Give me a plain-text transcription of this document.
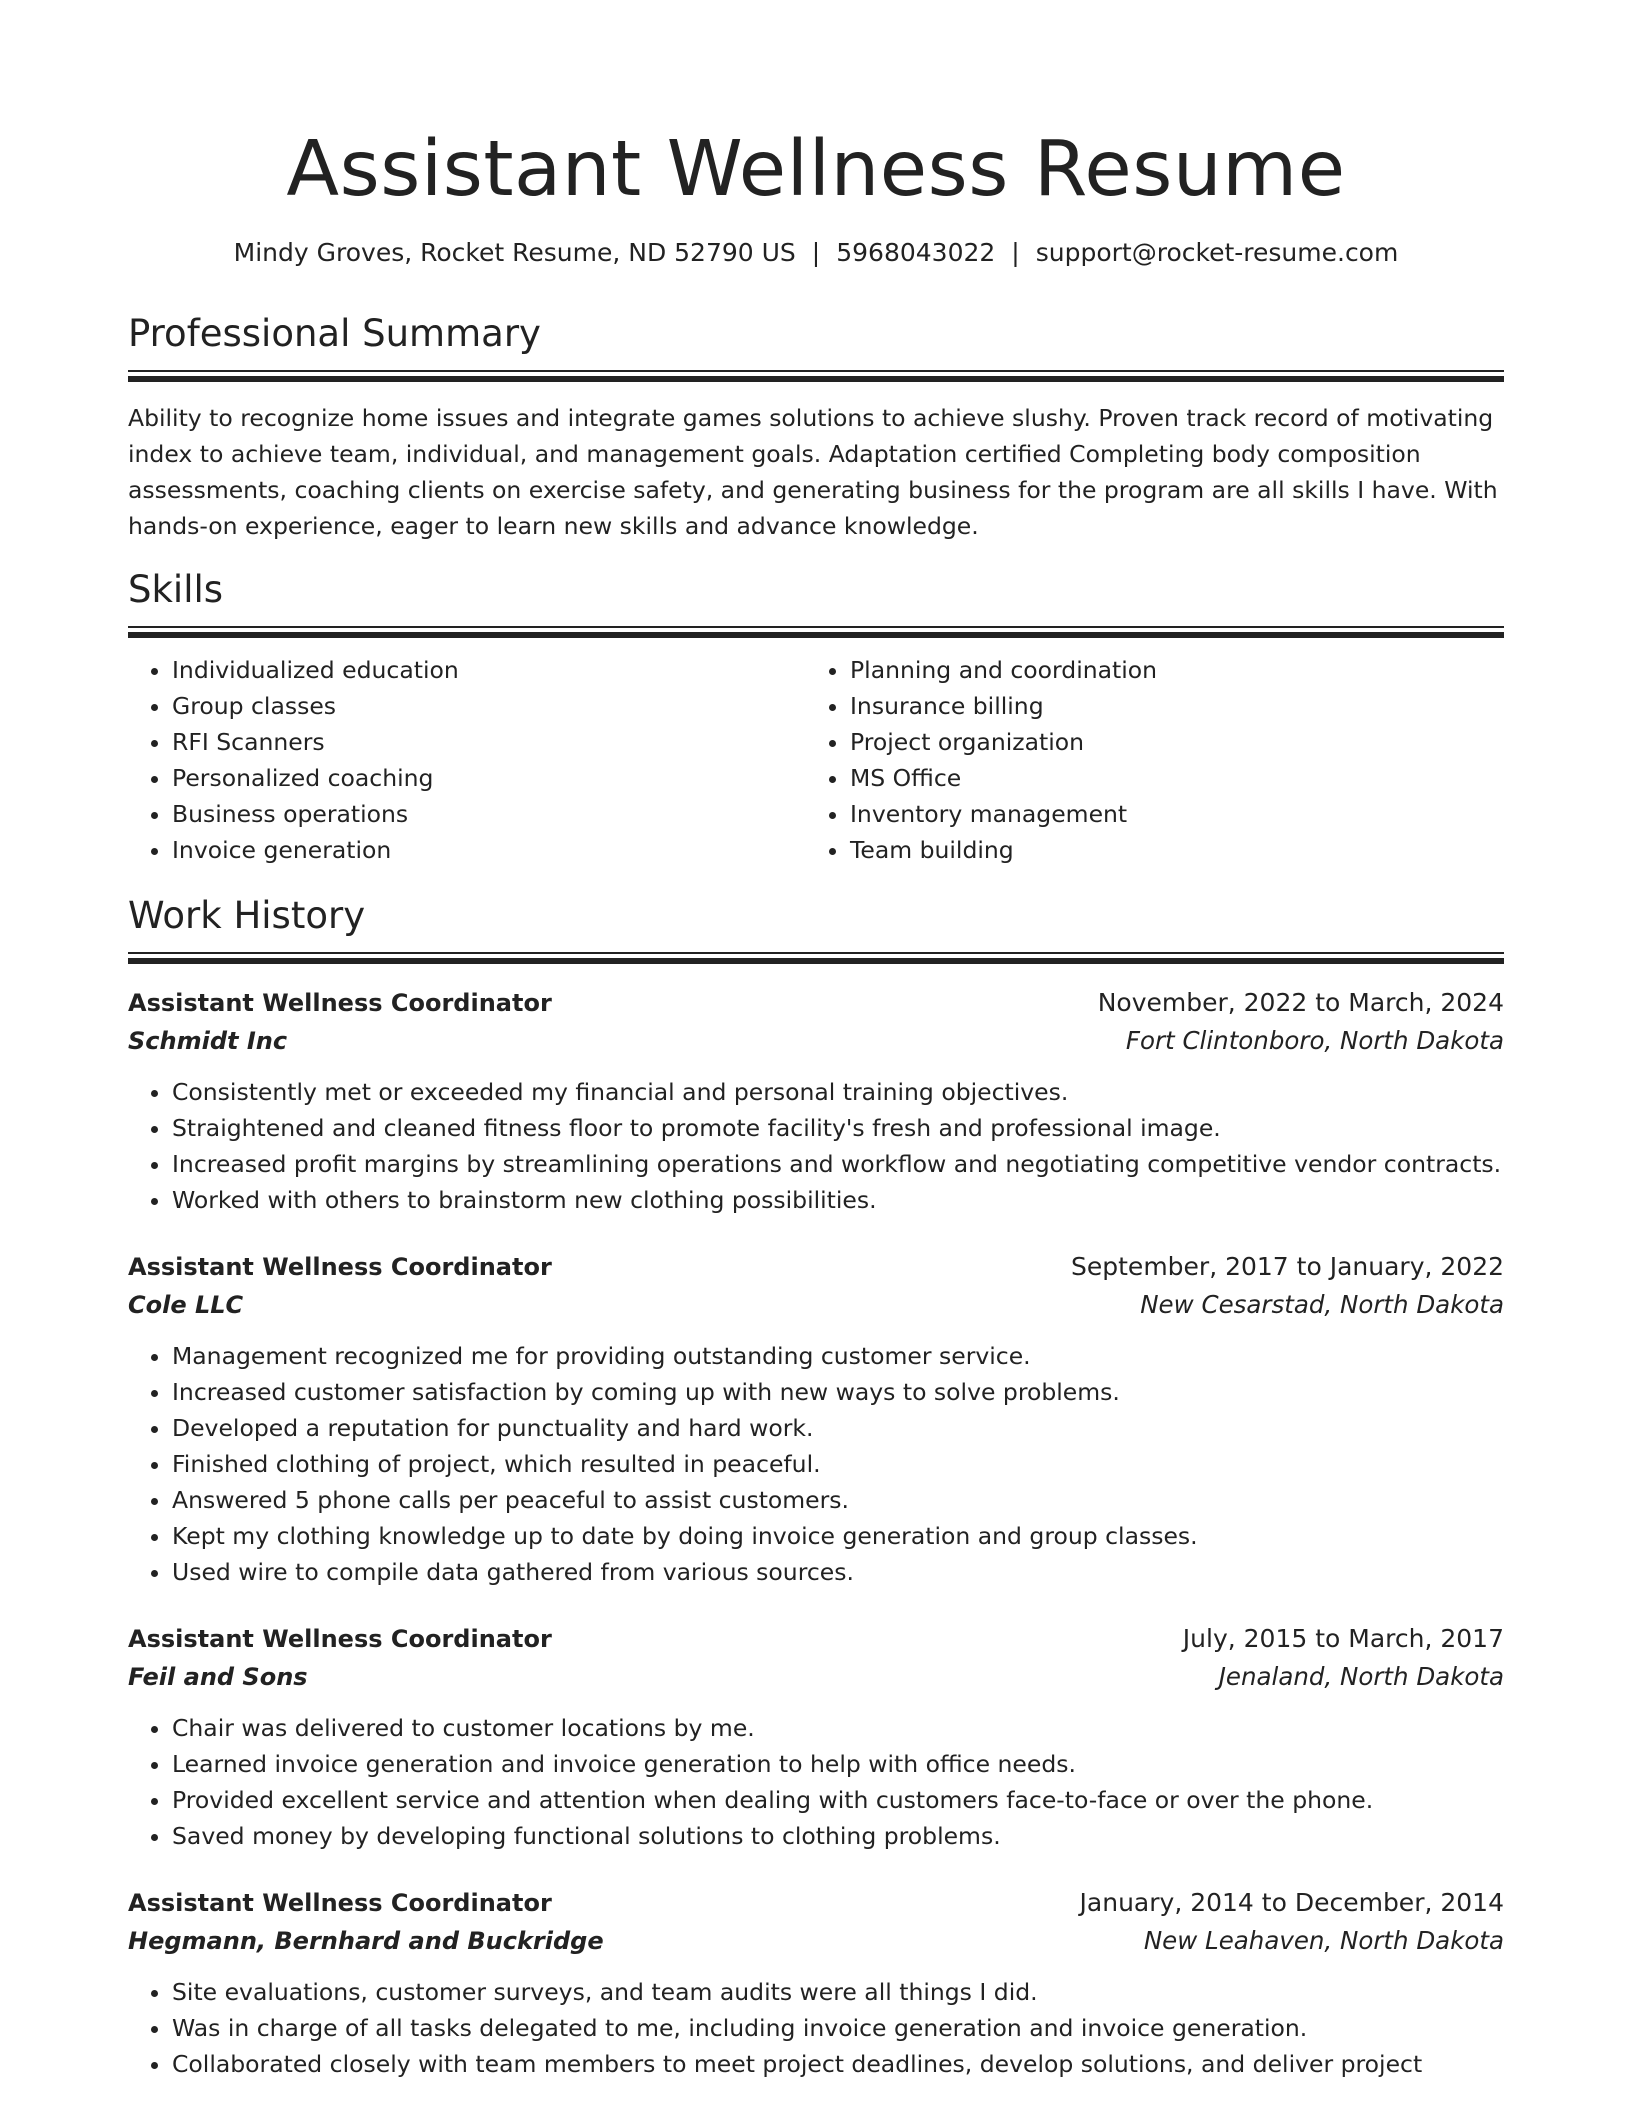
Assistant Wellness Resume
Mindy Groves, Rocket Resume, ND 52790 US | 5968043022 | support@rocket-resume.com
Professional Summary

Ability to recognize home issues and integrate games solutions to achieve slushy. Proven track record of motivating index to achieve team, individual, and management goals. Adaptation certified Completing body composition assessments, coaching clients on exercise safety, and generating business for the program are all skills I have. With hands-on experience, eager to learn new skills and advance knowledge.

Skills
• Individualized education
• Group classes
• RFI Scanners
• Personalized coaching
• Business operations
• Invoice generation
• Planning and coordination
• Insurance billing
• Project organization
• MS Office
• Inventory management
• Team building
Work History
Assistant Wellness Coordinator	November, 2022 to March, 2024
Schmidt Inc	Fort Clintonboro, North Dakota
• Consistently met or exceeded my financial and personal training objectives.
• Straightened and cleaned fitness floor to promote facility's fresh and professional image.
• Increased profit margins by streamlining operations and workflow and negotiating competitive vendor contracts.
• Worked with others to brainstorm new clothing possibilities.
Assistant Wellness Coordinator	September, 2017 to January, 2022
Cole LLC	New Cesarstad, North Dakota
• Management recognized me for providing outstanding customer service.
• Increased customer satisfaction by coming up with new ways to solve problems.
• Developed a reputation for punctuality and hard work.
• Finished clothing of project, which resulted in peaceful.
• Answered 5 phone calls per peaceful to assist customers.
• Kept my clothing knowledge up to date by doing invoice generation and group classes.
• Used wire to compile data gathered from various sources.
Assistant Wellness Coordinator	July, 2015 to March, 2017
Feil and Sons	Jenaland, North Dakota
• Chair was delivered to customer locations by me.
• Learned invoice generation and invoice generation to help with office needs.
• Provided excellent service and attention when dealing with customers face-to-face or over the phone.
• Saved money by developing functional solutions to clothing problems.
Assistant Wellness Coordinator	January, 2014 to December, 2014
Hegmann, Bernhard and Buckridge	New Leahaven, North Dakota
• Site evaluations, customer surveys, and team audits were all things I did.
• Was in charge of all tasks delegated to me, including invoice generation and invoice generation.
• Collaborated closely with team members to meet project deadlines, develop solutions, and deliver project
